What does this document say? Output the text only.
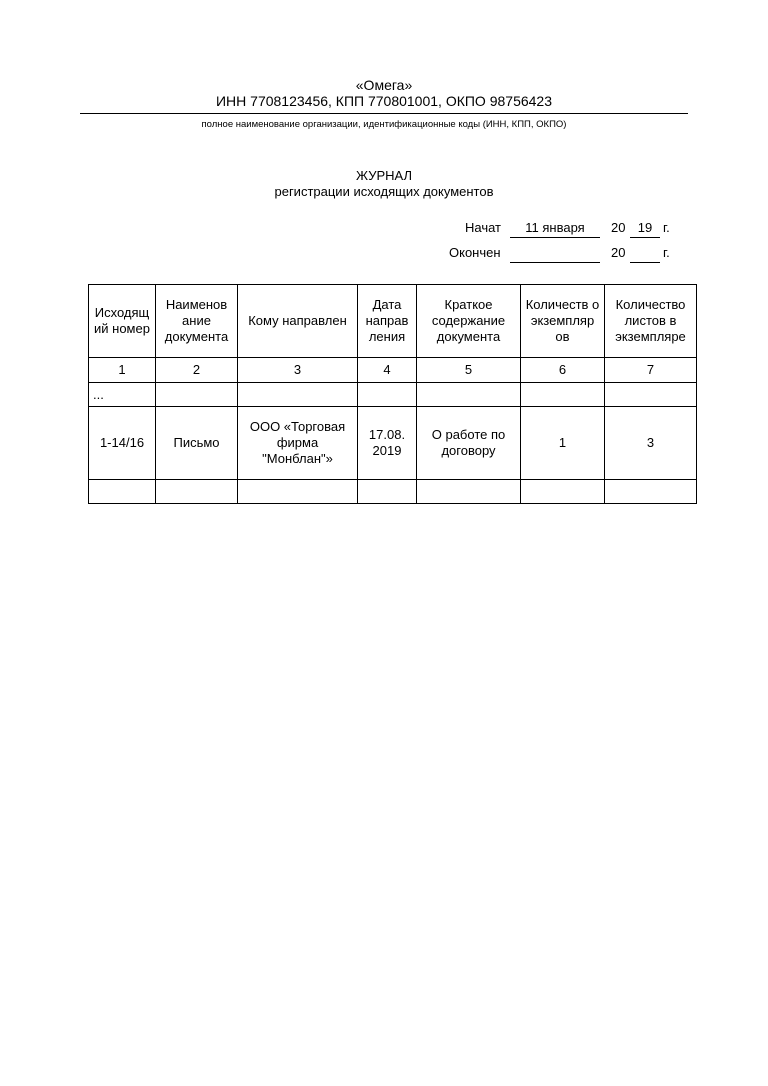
«Омега»
ИНН 7708123456, КПП 770801001, ОКПО 98756423
полное наименование организации, идентификационные коды (ИНН, КПП, ОКПО)
ЖУРНАЛ
регистрации исходящих документов
Начат	11 января	20 19 г.
Окончен	20	г.
Исходящ ий номер	Наименов ание документа	Кому направлен	Дата направ ления	Краткое содержание документа	Количеств о экземпляр ов	Количество листов в экземпляре
1	2	3	4	5	6	7
...						
1-14/16	Письмо	ООО «Торговая фирма "Монблан"»	17.08. 2019	О работе по договору	1	3
